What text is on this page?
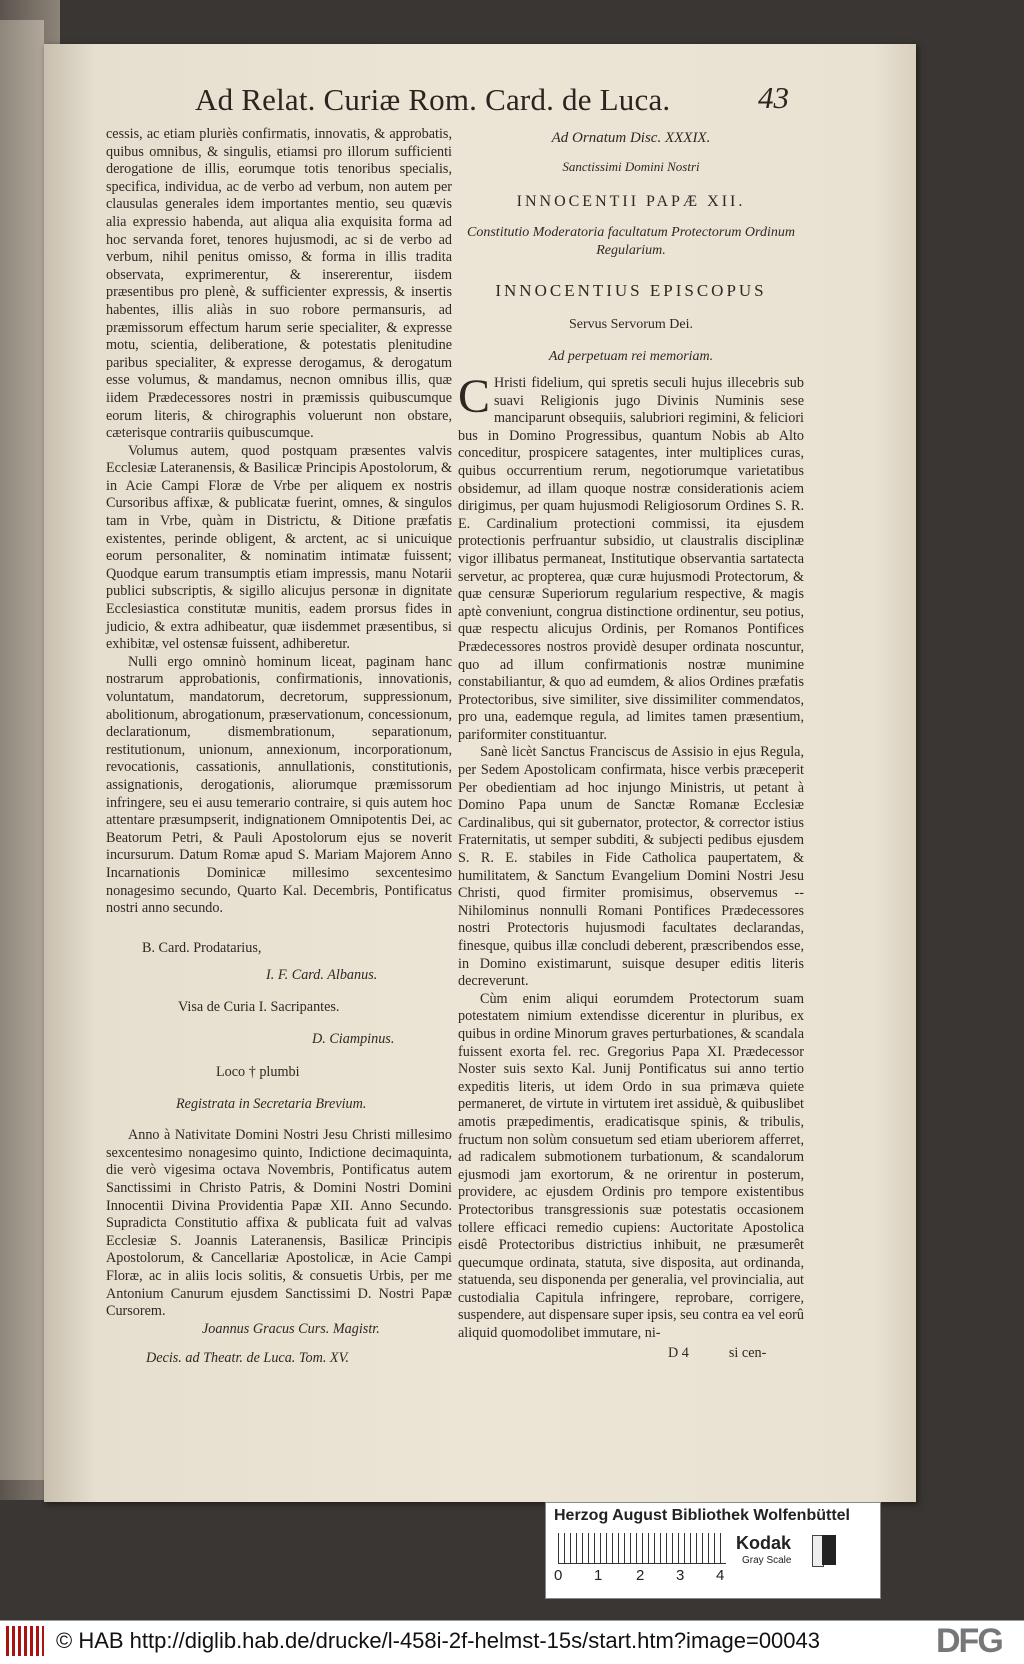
Ad Relat. Curiæ Rom. Card. de Luca.	43

cessis, ac etiam pluriès confirmatis, innovatis, & approbatis, quibus omnibus, & singulis, etiamsi pro illorum sufficienti derogatione de illis, eorumque totis tenoribus specialis, specifica, individua, ac de verbo ad verbum, non autem per clausulas generales idem importantes mentio, seu quævis alia expressio habenda, aut aliqua alia exquisita forma ad hoc servanda foret, tenores hujusmodi, ac si de verbo ad verbum, nihil penitus omisso, & forma in illis tradita observata, exprimerentur, & insererentur, iisdem præsentibus pro plenè, & sufficienter expressis, & insertis habentes, illis aliàs in suo robore permansuris, ad præmissorum effectum harum serie specialiter, & expresse motu, scientia, deliberatione, & potestatis plenitudine paribus specialiter, & expresse derogamus, & derogatum esse volumus, & mandamus, necnon omnibus illis, quæ iidem Prædecessores nostri in præmissis quibuscumque eorum literis, & chirographis voluerunt non obstare, cæterisque contrariis quibuscumque.

Volumus autem, quod postquam præsentes valvis Ecclesiæ Lateranensis, & Basilicæ Principis Apostolorum, & in Acie Campi Floræ de Vrbe per aliquem ex nostris Cursoribus affixæ, & publicatæ fuerint, omnes, & singulos tam in Vrbe, quàm in Districtu, & Ditione præfatis existentes, perinde obligent, & arctent, ac si unicuique eorum personaliter, & nominatim intimatæ fuissent; Quodque earum transumptis etiam impressis, manu Notarii publici subscriptis, & sigillo alicujus personæ in dignitate Ecclesiastica constitutæ munitis, eadem prorsus fides in judicio, & extra adhibeatur, quæ iisdemmet præsentibus, si exhibitæ, vel ostensæ fuissent, adhiberetur.

Nulli ergo omninò hominum liceat, paginam hanc nostrarum approbationis, confirmationis, innovationis, voluntatum, mandatorum, decretorum, suppressionum, abolitionum, abrogationum, præservationum, concessionum, declarationum, dismembrationum, separationum, restitutionum, unionum, annexionum, incorporationum, revocationis, cassationis, annullationis, constitutionis, assignationis, derogationis, aliorumque præmissorum infringere, seu ei ausu temerario contraire, si quis autem hoc attentare præsumpserit, indignationem Omnipotentis Dei, ac Beatorum Petri, & Pauli Apostolorum ejus se noverit incursurum. Datum Romæ apud S. Mariam Majorem Anno Incarnationis Dominicæ millesimo sexcentesimo nonagesimo secundo, Quarto Kal. Decembris, Pontificatus nostri anno secundo.

B. Card. Prodatarius,

I. F. Card. Albanus.

Visa de Curia I. Sacripantes.

D. Ciampinus.

Loco † plumbi

Registrata in Secretaria Brevium.

Anno à Nativitate Domini Nostri Jesu Christi millesimo sexcentesimo nonagesimo quinto, Indictione decimaquinta, die verò vigesima octava Novembris, Pontificatus autem Sanctissimi in Christo Patris, & Domini Nostri Domini Innocentii Divina Providentia Papæ XII. Anno Secundo. Supradicta Constitutio affixa & publicata fuit ad valvas Ecclesiæ S. Joannis Lateranensis, Basilicæ Principis Apostolorum, & Cancellariæ Apostolicæ, in Acie Campi Floræ, ac in aliis locis solitis, & consuetis Urbis, per me Antonium Canurum ejusdem Sanctissimi D. Nostri Papæ Cursorem.

Joannus Gracus Curs. Magistr.

Decis. ad Theatr. de Luca. Tom. XV.

Ad Ornatum Disc. XXXIX.
Sanctissimi Domini Nostri
INNOCENTII PAPÆ XII.
Constitutio Moderatoria facultatum Protectorum Ordinum Regularium.
INNOCENTIUS EPISCOPUS
Servus Servorum Dei.
Ad perpetuam rei memoriam.

C Hristi fidelium, qui spretis seculi hujus illecebris sub suavi Religionis jugo Divinis Numinis sese manciparunt obsequiis, salubriori regimini, & feliciori bus in Domino Progressibus, quantum Nobis ab Alto conceditur, prospicere satagentes, inter multiplices curas, quibus occurrentium rerum, negotiorumque varietatibus obsidemur, ad illam quoque nostræ considerationis aciem dirigimus, per quam hujusmodi Religiosorum Ordines S. R. E. Cardinalium protectioni commissi, ita ejusdem protectionis perfruantur subsidio, ut claustralis disciplinæ vigor illibatus permaneat, Institutique observantia sartatecta servetur, ac propterea, quæ curæ hujusmodi Protectorum, & quæ censuræ Superiorum regularium respective, & magis aptè conveniunt, congrua distinctione ordinentur, seu potius, quæ respectu alicujus Ordinis, per Romanos Pontifices Prædecessores nostros providè desuper ordinata noscuntur, quo ad illum confirmationis nostræ munimine constabiliantur, & quo ad eumdem, & alios Ordines præfatis Protectoribus, sive similiter, sive dissimiliter commendatos, pro una, eademque regula, ad limites tamen præsentium, pariformiter constituantur.

Sanè licèt Sanctus Franciscus de Assisio in ejus Regula, per Sedem Apostolicam confirmata, hisce verbis præceperit Per obedientiam ad hoc injungo Ministris, ut petant à Domino Papa unum de Sanctæ Romanæ Ecclesiæ Cardinalibus, qui sit gubernator, protector, & corrector istius Fraternitatis, ut semper subditi, & subjecti pedibus ejusdem S. R. E. stabiles in Fide Catholica paupertatem, & humilitatem, & Sanctum Evangelium Domini Nostri Jesu Christi, quod firmiter promisimus, observemus -- Nihilominus nonnulli Romani Pontifices Prædecessores nostri Protectoris hujusmodi facultates declarandas, finesque, quibus illæ concludi deberent, præscribendos esse, in Domino existimarunt, suisque desuper editis literis decreverunt.

Cùm enim aliqui eorumdem Protectorum suam potestatem nimium extendisse dicerentur in pluribus, ex quibus in ordine Minorum graves perturbationes, & scandala fuissent exorta fel. rec. Gregorius Papa XI. Prædecessor Noster suis sexto Kal. Junij Pontificatus sui anno tertio expeditis literis, ut idem Ordo in sua primæva quiete permaneret, de virtute in virtutem iret assiduè, & quibuslibet amotis præpedimentis, eradicatisque spinis, & tribulis, fructum non solùm consuetum sed etiam uberiorem afferret, ad radicalem submotionem turbationum, & scandalorum ejusmodi jam exortorum, & ne orirentur in posterum, providere, ac ejusdem Ordinis pro tempore existentibus Protectoribus transgressionis suæ potestatis occasionem tollere efficaci remedio cupiens: Auctoritate Apostolica eisdê Protectoribus districtius inhibuit, ne præsumerêt quecumque ordinata, statuta, sive disposita, aut ordinanda, statuenda, seu disponenda per generalia, vel provincialia, aut custodialia Capitula infringere, reprobare, corrigere, suspendere, aut dispensare super ipsis, seu contra ea vel eorû aliquid quomodolibet immutare, ni-

D 4	si cen-

Herzog August Bibliothek Wolfenbüttel
0 1 2 3 4
Kodak
Gray Scale
© HAB http://diglib.hab.de/drucke/l-458i-2f-helmst-15s/start.htm?image=00043	DFG
